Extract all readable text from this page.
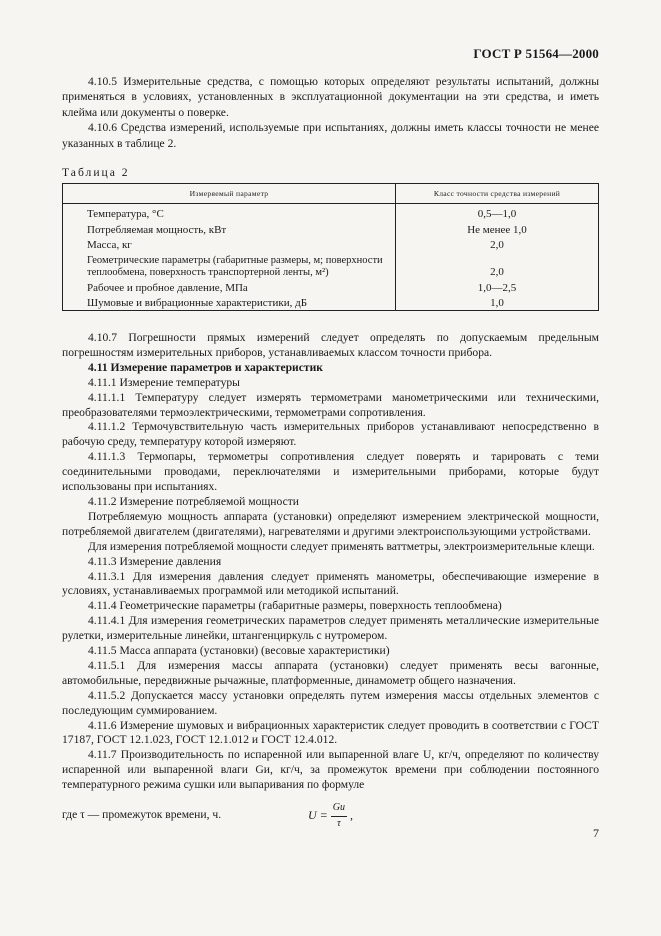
ГОСТ Р 51564—2000

4.10.5 Измерительные средства, с помощью которых определяют результаты испытаний, должны применяться в условиях, установленных в эксплуатационной документации на эти средства, и иметь клейма или документы о поверке.

4.10.6 Средства измерений, используемые при испытаниях, должны иметь классы точности не менее указанных в таблице 2.

Таблица 2
Измеряемый параметр	Класс точности средства измерений
Температура, °С	0,5—1,0
Потребляемая мощность, кВт	Не менее 1,0
Масса, кг	2,0
Геометрические параметры (габаритные размеры, м; поверхности теплообмена, поверхность транспортерной ленты, м²)	2,0
Рабочее и пробное давление, МПа	1,0—2,5
Шумовые и вибрационные характеристики, дБ	1,0

4.10.7 Погрешности прямых измерений следует определять по допускаемым предельным погрешностям измерительных приборов, устанавливаемых классом точности прибора.

4.11 Измерение параметров и характеристик

4.11.1 Измерение температуры

4.11.1.1 Температуру следует измерять термометрами манометрическими или техническими, преобразователями термоэлектрическими, термометрами сопротивления.

4.11.1.2 Термочувствительную часть измерительных приборов устанавливают непосредственно в рабочую среду, температуру которой измеряют.

4.11.1.3 Термопары, термометры сопротивления следует поверять и тарировать с теми соединительными проводами, переключателями и измерительными приборами, которые будут использованы при испытаниях.

4.11.2 Измерение потребляемой мощности

Потребляемую мощность аппарата (установки) определяют измерением электрической мощности, потребляемой двигателем (двигателями), нагревателями и другими электроиспользующими устройствами.

Для измерения потребляемой мощности следует применять ваттметры, электроизмерительные клещи.

4.11.3 Измерение давления

4.11.3.1 Для измерения давления следует применять манометры, обеспечивающие измерение в условиях, устанавливаемых программой или методикой испытаний.

4.11.4 Геометрические параметры (габаритные размеры, поверхность теплообмена)

4.11.4.1 Для измерения геометрических параметров следует применять металлические измерительные рулетки, измерительные линейки, штангенциркуль с нутромером.

4.11.5 Масса аппарата (установки) (весовые характеристики)

4.11.5.1 Для измерения массы аппарата (установки) следует применять весы вагонные, автомобильные, передвижные рычажные, платформенные, динамометр общего назначения.

4.11.5.2 Допускается массу установки определять путем измерения массы отдельных элементов с последующим суммированием.

4.11.6 Измерение шумовых и вибрационных характеристик следует проводить в соответствии с ГОСТ 17187, ГОСТ 12.1.023, ГОСТ 12.1.012 и ГОСТ 12.4.012.

4.11.7 Производительность по испаренной или выпаренной влаге U, кг/ч, определяют по количеству испаренной или выпаренной влаги Gи, кг/ч, за промежуток времени при соблюдении постоянного температурного режима сушки или выпаривания по формуле

$U = \frac{Gи}{\tau}$ ,
где τ — промежуток времени, ч.
7
